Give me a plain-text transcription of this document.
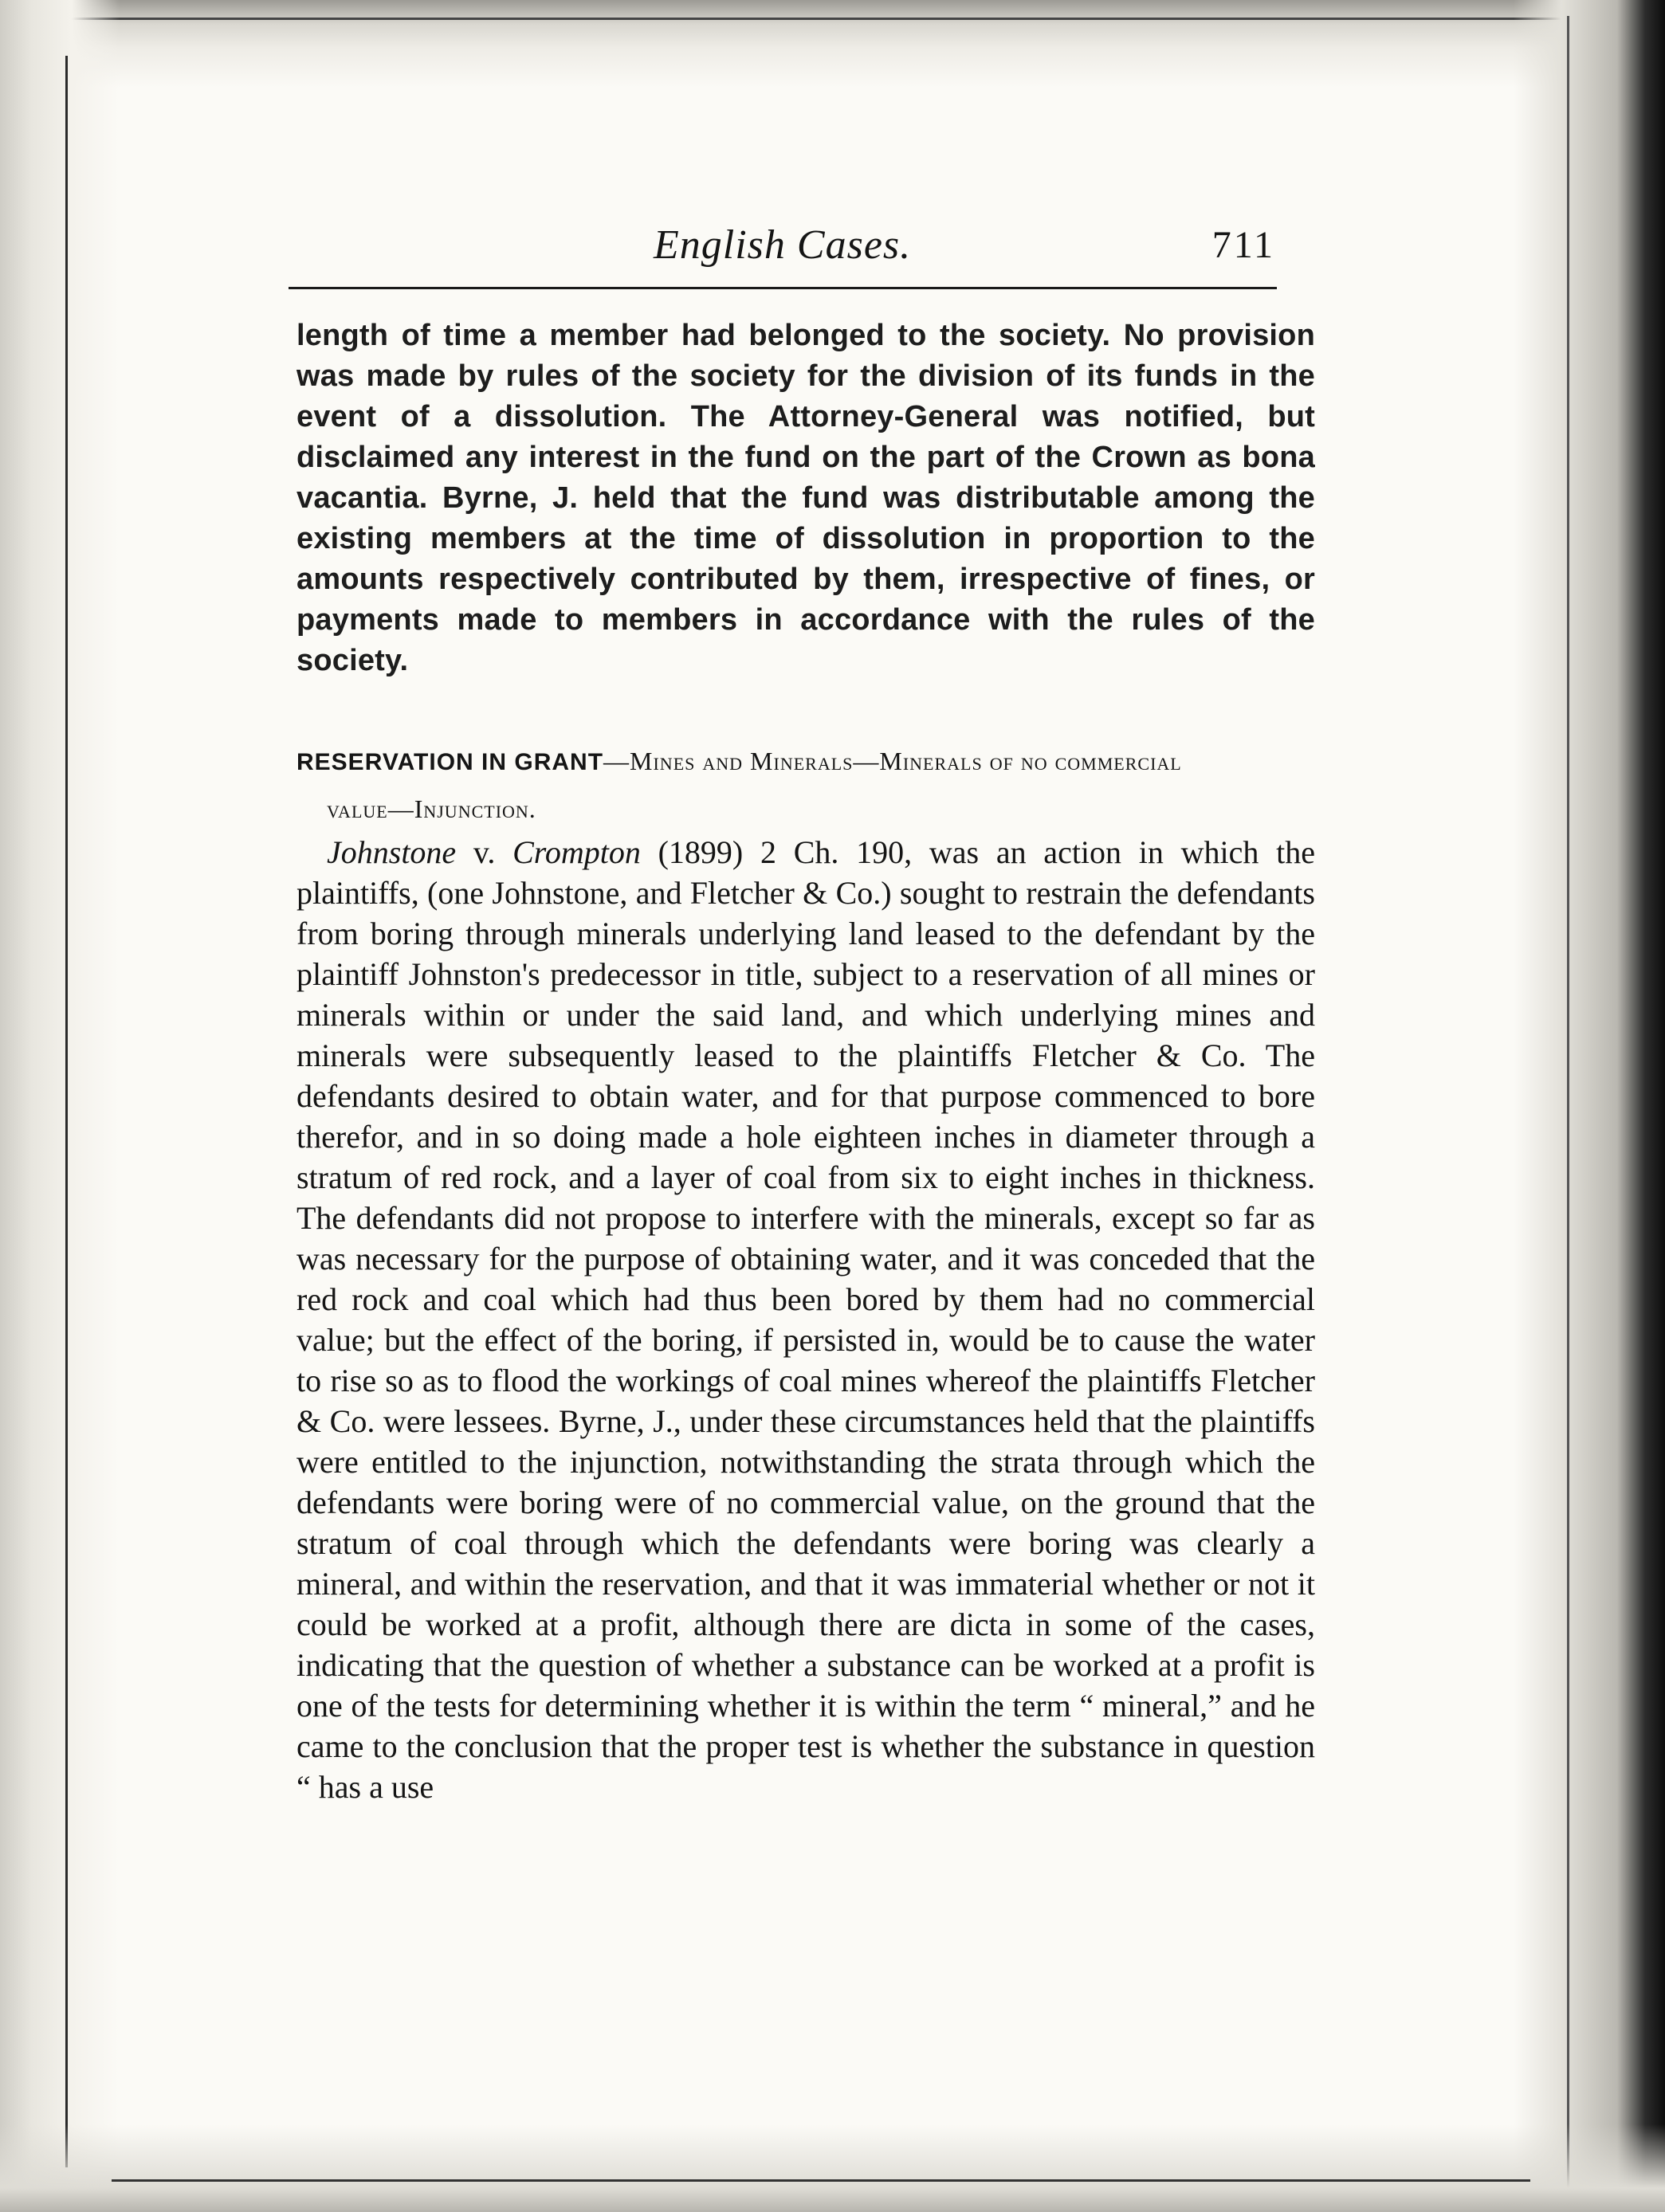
English Cases.	711
length of time a member had belonged to the society. No provision was made by rules of the society for the division of its funds in the event of a dissolution. The Attorney-General was notified, but disclaimed any interest in the fund on the part of the Crown as bona vacantia. Byrne, J. held that the fund was distributable among the existing members at the time of dissolution in proportion to the amounts respectively contributed by them, irrespective of fines, or payments made to members in accordance with the rules of the society.
RESERVATION IN GRANT—Mines and Minerals—Minerals of no commercial
value—Injunction.
Johnstone v. Crompton (1899) 2 Ch. 190, was an action in which the plaintiffs, (one Johnstone, and Fletcher & Co.) sought to restrain the defendants from boring through minerals underlying land leased to the defendant by the plaintiff Johnston's predecessor in title, subject to a reservation of all mines or minerals within or under the said land, and which underlying mines and minerals were subsequently leased to the plaintiffs Fletcher & Co. The defendants desired to obtain water, and for that purpose commenced to bore therefor, and in so doing made a hole eighteen inches in diameter through a stratum of red rock, and a layer of coal from six to eight inches in thickness. The defendants did not propose to interfere with the minerals, except so far as was necessary for the purpose of obtaining water, and it was conceded that the red rock and coal which had thus been bored by them had no commercial value; but the effect of the boring, if persisted in, would be to cause the water to rise so as to flood the workings of coal mines whereof the plaintiffs Fletcher & Co. were lessees. Byrne, J., under these circumstances held that the plaintiffs were entitled to the injunction, notwithstanding the strata through which the defendants were boring were of no commercial value, on the ground that the stratum of coal through which the defendants were boring was clearly a mineral, and within the reservation, and that it was immaterial whether or not it could be worked at a profit, although there are dicta in some of the cases, indicating that the question of whether a substance can be worked at a profit is one of the tests for determining whether it is within the term “ mineral,” and he came to the conclusion that the proper test is whether the substance in question “ has a use
